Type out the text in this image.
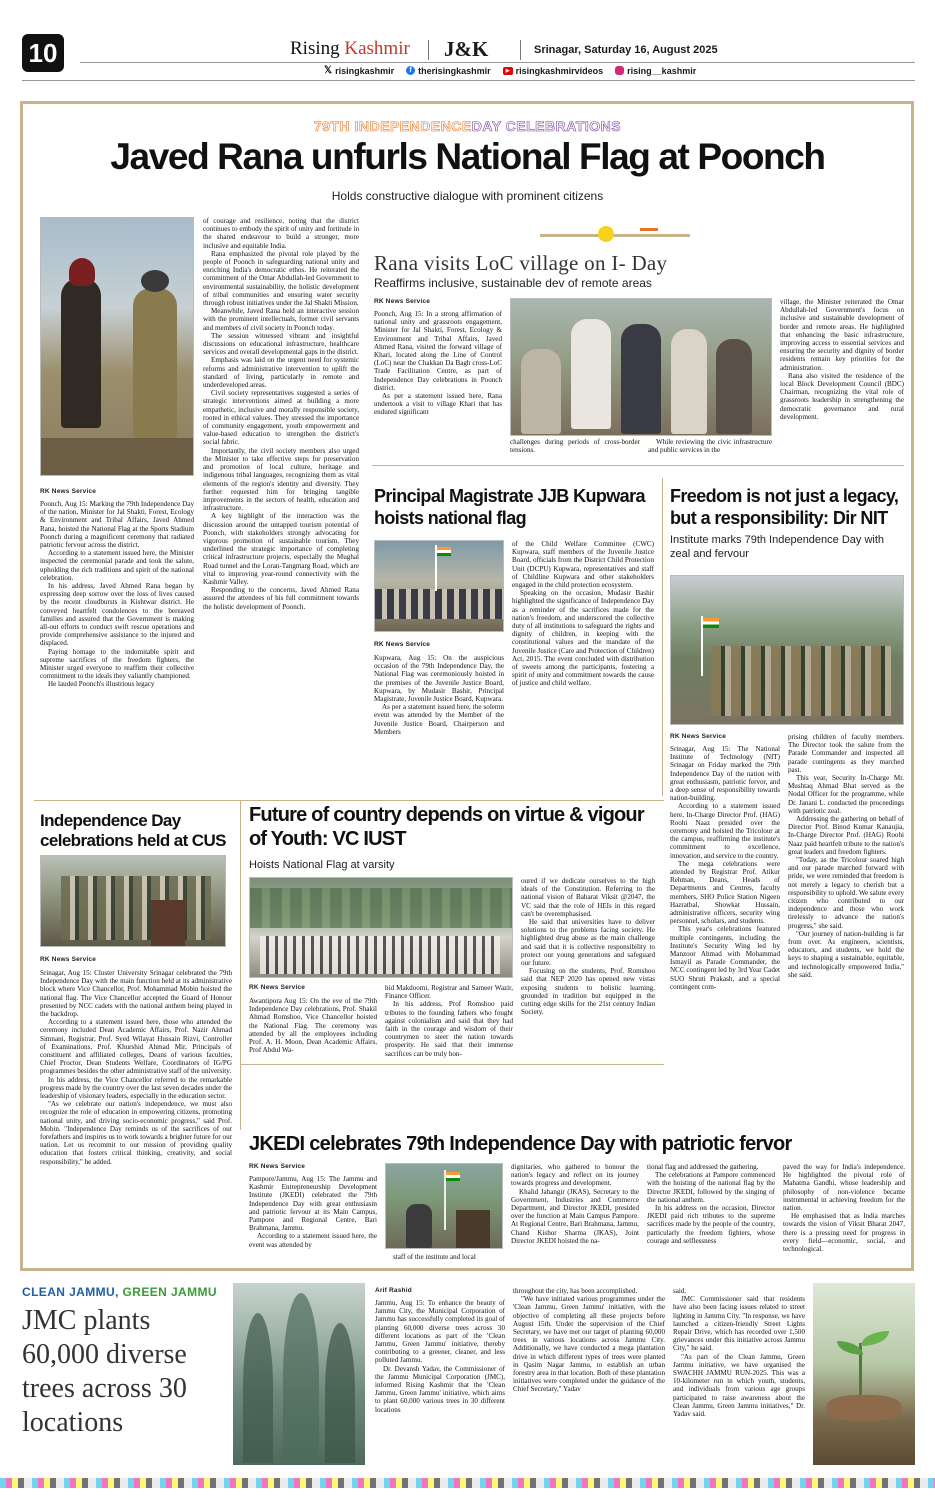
10	Rising Kashmir J&K	Srinagar, Saturday 16, August 2025
𝕏 risingkashmir	f therisingkashmir	▶ risingkashmirvideos	rising__kashmir
79TH INDEPENDENCEDAY CELEBRATIONS
Javed Rana unfurls National Flag at Poonch
Holds constructive dialogue with prominent citizens
RK News Service

Poonch, Aug 15: Marking the 79th Independence Day of the nation, Minister for Jal Shakti, Forest, Ecology & Environment and Tribal Affairs, Javed Ahmed Rana, hoisted the National Flag at the Sports Stadium Poonch during a magnificent ceremony that radiated patriotic fervour across the district.

According to a statement issued here, the Minister inspected the ceremonial parade and took the salute, upholding the rich traditions and spirit of the national celebration.

In his address, Javed Ahmed Rana began by expressing deep sorrow over the loss of lives caused by the recent cloudbursts in Kishtwar district. He conveyed heartfelt condolences to the bereaved families and assured that the Government is making all-out efforts to conduct swift rescue operations and provide comprehensive assistance to the injured and displaced.

Paying homage to the indomitable spirit and supreme sacrifices of the freedom fighters, the Minister urged everyone to reaffirm their collective commitment to the ideals they valiantly championed.

He lauded Poonch's illustrious legacy

of courage and resilience, noting that the district continues to embody the spirit of unity and fortitude in the shared endeavour to build a stronger, more inclusive and equitable India.

Rana emphasized the pivotal role played by the people of Poonch in safeguarding national unity and enriching India's democratic ethos. He reiterated the commitment of the Omar Abdullah-led Government to environmental sustainability, the holistic development of tribal communities and ensuring water security through robust initiatives under the Jal Shakti Mission.

Meanwhile, Javed Rana held an interactive session with the prominent intellectuals, former civil servants and members of civil society in Poonch today.

The session witnessed vibrant and insightful discussions on educational infrastructure, healthcare services and overall developmental gaps in the district.

Emphasis was laid on the urgent need for systemic reforms and administrative intervention to uplift the standard of living, particularly in remote and underdeveloped areas.

Civil society representatives suggested a series of strategic interventions aimed at building a more empathetic, inclusive and morally responsible society, rooted in ethical values. They stressed the importance of community engagement, youth empowerment and value-based education to strengthen the district's social fabric.

Importantly, the civil society members also urged the Minister to take effective steps for preservation and promotion of local culture, heritage and indigenous tribal languages, recognizing them as vital elements of the region's identity and diversity. They further requested him for bringing tangible improvements in the sectors of health, education and infrastructure.

A key highlight of the interaction was the discussion around the untapped tourism potential of Poonch, with stakeholders strongly advocating for vigorous promotion of sustainable tourism. They underlined the strategic importance of completing critical infrastructure projects, especially the Mughal Road tunnel and the Loran-Tangmarg Road, which are vital to improving year-round connectivity with the Kashmir Valley.

Responding to the concerns, Javed Ahmed Rana assured the attendees of his full commitment towards the holistic development of Poonch.

Rana visits LoC village on I- Day
Reaffirms inclusive, sustainable dev of remote areas
RK News Service

Poonch, Aug 15: In a strong affirmation of national unity and grassroots engagement, Minister for Jal Shakti, Forest, Ecology & Environment and Tribal Affairs, Javed Ahmed Rana, visited the forward village of Khari, located along the Line of Control (LoC) near the Chakkan Da Bagh cross-LoC Trade Facilitation Centre, as part of Independence Day celebrations in Poonch district.

As per a statement issued here, Rana undertook a visit to village Khari that has endured significant

challenges during periods of cross-border tensions.

While reviewing the civic infrastructure and public services in the

village, the Minister reiterated the Omar Abdullah-led Government's focus on inclusive and sustainable development of border and remote areas. He highlighted that enhancing the basic infrastructure, improving access to essential services and ensuring the security and dignity of border residents remain key priorities for the administration.

Rana also visited the residence of the local Block Development Council (BDC) Chairman, recognizing the vital role of grassroots leadership in strengthening the democratic governance and rural development.

Principal Magistrate JJB Kupwara hoists national flag
RK News Service

Kupwara, Aug 15: On the auspicious occasion of the 79th Independence Day, the National Flag was ceremoniously hoisted in the premises of the Juvenile Justice Board, Kupwara, by Mudasir Bashir, Principal Magistrate, Juvenile Justice Board, Kupwara.

As per a statement issued here, the solemn event was attended by the Member of the Juvenile Justice Board, Chairperson and Members

of the Child Welfare Committee (CWC) Kupwara, staff members of the Juvenile Justice Board, officials from the District Child Protection Unit (DCPU) Kupwara, representatives and staff of Childline Kupwara and other stakeholders engaged in the child protection ecosystem.

Speaking on the occasion, Mudasir Bashir highlighted the significance of Independence Day as a reminder of the sacrifices made for the nation's freedom, and underscored the collective duty of all institutions to safeguard the rights and dignity of children, in keeping with the constitutional values and the mandate of the Juvenile Justice (Care and Protection of Children) Act, 2015. The event concluded with distribution of sweets among the participants, fostering a spirit of unity and commitment towards the cause of justice and child welfare.

Freedom is not just a legacy, but a responsibility: Dir NIT
Institute marks 79th Independence Day with zeal and fervour
RK News Service

Srinagar, Aug 15: The National Institute of Technology (NIT) Srinagar on Friday marked the 79th Independence Day of the nation with great enthusiasm, patriotic fervor, and a deep sense of responsibility towards nation-building.

According to a statement issued here, In-Charge Director Prof. (HAG) Roohi Naaz presided over the ceremony and hoisted the Tricolour at the campus, reaffirming the institute's commitment to excellence, innovation, and service to the country.

The mega celebrations were attended by Registrar Prof. Atikur Rehman, Deans, Heads of Departments and Centres, faculty members, SHO Police Station Nigeen Hazratbal, Showkat Hussain, administrative officers, security wing personnel, scholars, and students.

This year's celebrations featured multiple contingents, including the Institute's Security Wing led by Manzoor Ahmad with Mohammad Ismayil as Parade Commander, the NCC contingent led by 3rd Year Cadet SUO Shruti Prakash, and a special contingent com-

prising children of faculty members. The Director took the salute from the Parade Commander and inspected all parade contingents as they marched past.

This year, Security In-Charge Mr. Mushtaq Ahmad Bhat served as the Nodal Officer for the programme, while Dr. Janani L. conducted the proceedings with patriotic zeal.

Addressing the gathering on behalf of Director Prof. Binod Kumar Kanaujia, In-Charge Director Prof. (HAG) Roohi Naaz paid heartfelt tribute to the nation's great leaders and freedom fighters.

"Today, as the Tricolour soared high and our parade marched forward with pride, we were reminded that freedom is not merely a legacy to cherish but a responsibility to uphold. We salute every citizen who contributed to our independence and those who work tirelessly to advance the nation's progress," she said.

"Our journey of nation-building is far from over. As engineers, scientists, educators, and students, we hold the keys to shaping a sustainable, equitable, and technologically empowered India," she said.

Independence Day celebrations held at CUS
RK News Service

Srinagar, Aug 15: Cluster University Srinagar celebrated the 79th Independence Day with the main function held at its administrative block where Vice Chancellor, Prof. Mohammad Mobin hoisted the national flag. The Vice Chancellor accepted the Guard of Honour presented by NCC cadets with the national anthem being played in the backdrop.

According to a statement issued here, those who attended the ceremony included Dean Academic Affairs, Prof. Nazir Ahmad Simnani, Registrar, Prof. Syed Wilayat Hussain Rizvi, Controller of Examinations, Prof. Khurshid Ahmad Mir, Principals of constituent and affiliated colleges, Deans of various faculties, Chief Proctor, Dean Students Welfare, Coordinators of IG/PG programmes besides the other administrative staff of the university.

In his address, the Vice Chancellor referred to the remarkable progress made by the country over the last seven decades under the leadership of visionary leaders, especially in the education sector.

"As we celebrate our nation's independence, we must also recognize the role of education in empowering citizens, promoting national unity, and driving socio-economic progress," said Prof. Mobin. "Independence Day reminds us of the sacrifices of our forefathers and inspires us to work towards a brighter future for our nation. Let us recommit to our mission of providing quality education that fosters critical thinking, creativity, and social responsibility," he added.

Future of country depends on virtue & vigour of Youth: VC IUST
Hoists National Flag at varsity
RK News Service

Awantipora Aug 15: On the eve of the 79th Independence Day celebrations, Prof. Shakil Ahmad Romshoo, Vice Chancellor hoisted the National Flag. The ceremony was attended by all the employees including Prof. A. H. Moon, Dean Academic Affairs, Prof Abdul Wa-

hid Makdoomi, Registrar and Sameer Wazir, Finance Officer.

In his address, Prof Romshoo paid tributes to the founding fathers who fought against colonialism and said that they had faith in the courage and wisdom of their countrymen to steer the nation towards prosperity. He said that their immense sacrifices can be truly hon-

oured if we dedicate ourselves to the high ideals of the Constitution. Referring to the national vision of Baharat Viksit @2047, the VC said that the role of HEIs in this regard can't be overemphasised.

He said that universities have to deliver solutions to the problems facing society. He highlighted drug abuse as the main challenge and said that it is collective responsibility to protect our young generations and safeguard our future.

Focusing on the students, Prof. Romshoo said that NEP 2020 has opened new vistas exposing students to holistic learning, grounded in tradition but equipped in the cutting edge skills for the 21st century Indian Society.

JKEDI celebrates 79th Independence Day with patriotic fervor
RK News Service

Pampore/Jammu, Aug 15: The Jammu and Kashmir Entrepreneurship Development Institute (JKEDI) celebrated the 79th Independence Day with great enthusiasm and patriotic fervour at its Main Campus, Pampore and Regional Centre, Bari Brahmana, Jammu.

According to a statement issued here, the event was attended by

staff of the institute and local

dignitaries, who gathered to honour the nation's legacy and reflect on its journey towards progress and development.

Khalid Jahangir (JKAS), Secretary to the Government, Industries and Commerce Department, and Director JKEDI, presided over the function at Main Campus Pampore. At Regional Centre, Bari Brahmana, Jammu, Chand Kishor Sharma (JKAS), Joint Director JKEDI hoisted the na-

tional flag and addressed the gathering.

The celebrations at Pampore commenced with the hoisting of the national flag by the Director JKEDI, followed by the singing of the national anthem.

In his address on the occasion, Director JKEDI paid rich tributes to the supreme sacrifices made by the people of the country, particularly the freedom fighters, whose courage and selflessness

paved the way for India's independence. He highlighted the pivotal role of Mahatma Gandhi, whose leadership and philosophy of non-violence became instrumental in achieving freedom for the nation.

He emphasised that as India marches towards the vision of Viksit Bharat 2047, there is a pressing need for progress in every field—economic, social, and technological.

CLEAN JAMMU, GREEN JAMMU
JMC plants 60,000 diverse trees across 30 locations
Arif Rashid

Jammu, Aug 15: To enhance the beauty of Jammu City, the Municipal Corporation of Jammu has successfully completed its goal of planting 60,000 diverse trees across 30 different locations as part of the 'Clean Jammu, Green Jammu' initiative, thereby contributing to a greener, cleaner, and less polluted Jammu.

Dr. Devansh Yadav, the Commissioner of the Jammu Municipal Corporation (JMC), informed Rising Kashmir that the 'Clean Jammu, Green Jammu' initiative, which aims to plant 60,000 various trees in 30 different locations

throughout the city, has been accomplished.

"We have initiated various programmes under the 'Clean Jammu, Green Jammu' initiative, with the objective of completing all these projects before August 15th. Under the supervision of the Chief Secretary, we have met our target of planting 60,000 trees in various locations across Jammu City. Additionally, we have conducted a mega plantation drive in which different types of trees were planted in Qasim Nagar Jammu, to establish an urban forestry area in that location. Both of these plantation initiatives were completed under the guidance of the Chief Secretary," Yadav

said.

JMC Commissioner said that residents have also been facing issues related to street lighting in Jammu City. "In response, we have launched a citizen-friendly Street Lights Repair Drive, which has recorded over 1,500 grievances under this initiative across Jammu City," he said.

"As part of the Clean Jammu, Green Jammu initiative, we have organised the SWACHH JAMMU RUN-2025. This was a 10-kilometer run in which youth, students, and individuals from various age groups participated to raise awareness about the Clean Jammu, Green Jammu initiatives," Dr. Yadav said.
